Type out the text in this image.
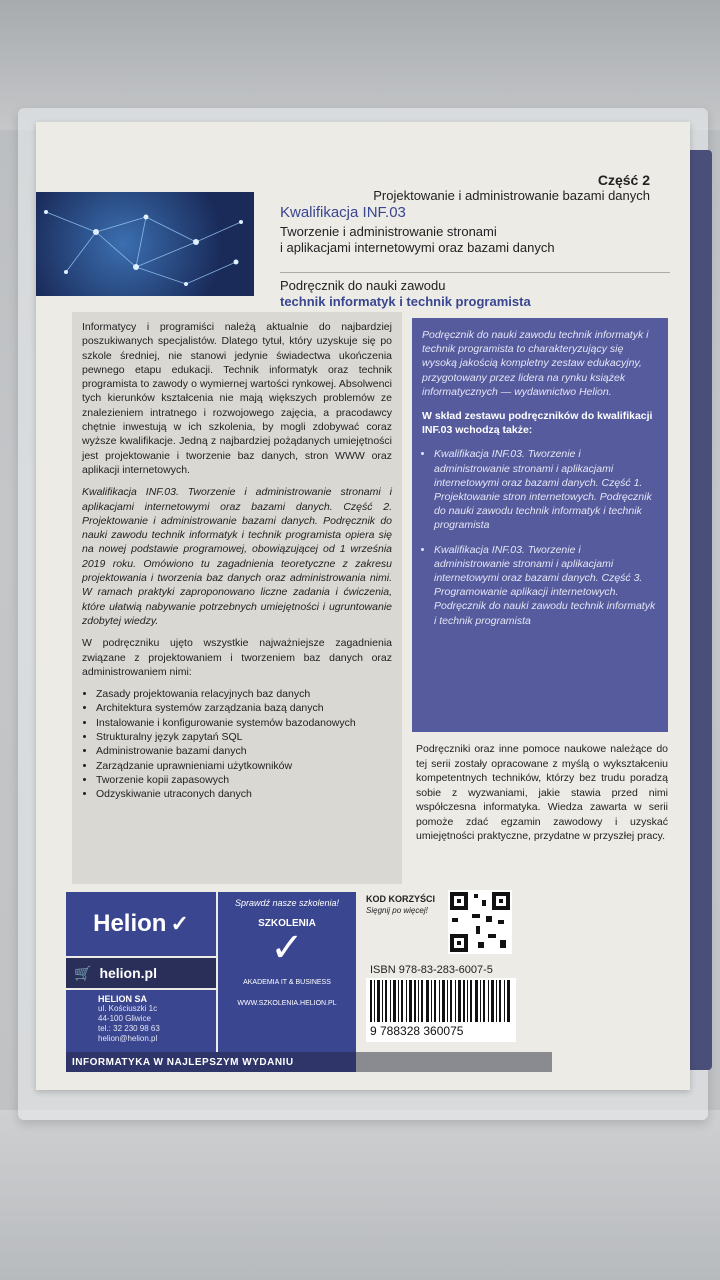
Część 2
Projektowanie i administrowanie bazami danych
Kwalifikacja INF.03
Tworzenie i administrowanie stronami
i aplikacjami internetowymi oraz bazami danych
Podręcznik do nauki zawodu
technik informatyk i technik programista

Informatycy i programiści należą aktualnie do najbardziej poszukiwanych specjalistów. Dlatego tytuł, który uzyskuje się po szkole średniej, nie stanowi jedynie świadectwa ukończenia pewnego etapu edukacji. Technik informatyk oraz technik programista to zawody o wymiernej wartości rynkowej. Absolwenci tych kierunków kształcenia nie mają większych problemów ze znalezieniem intratnego i rozwojowego zajęcia, a pracodawcy chętnie inwestują w ich szkolenia, by mogli zdobywać coraz wyższe kwalifikacje. Jedną z najbardziej pożądanych umiejętności jest projektowanie i tworzenie baz danych, stron WWW oraz aplikacji internetowych.

Kwalifikacja INF.03. Tworzenie i administrowanie stronami i aplikacjami internetowymi oraz bazami danych. Część 2. Projektowanie i administrowanie bazami danych. Podręcznik do nauki zawodu technik informatyk i technik programista opiera się na nowej podstawie programowej, obowiązującej od 1 września 2019 roku. Omówiono tu zagadnienia teoretyczne z zakresu projektowania i tworzenia baz danych oraz administrowania nimi. W ramach praktyki zaproponowano liczne zadania i ćwiczenia, które ułatwią nabywanie potrzebnych umiejętności i ugruntowanie zdobytej wiedzy.

W podręczniku ujęto wszystkie najważniejsze zagadnienia związane z projektowaniem i tworzeniem baz danych oraz administrowaniem nimi:

• Zasady projektowania relacyjnych baz danych
• Architektura systemów zarządzania bazą danych
• Instalowanie i konfigurowanie systemów bazodanowych
• Strukturalny język zapytań SQL
• Administrowanie bazami danych
• Zarządzanie uprawnieniami użytkowników
• Tworzenie kopii zapasowych
• Odzyskiwanie utraconych danych

Podręcznik do nauki zawodu technik informatyk i technik programista to charakteryzujący się wysoką jakością kompletny zestaw edukacyjny, przygotowany przez lidera na rynku książek informatycznych — wydawnictwo Helion.

W skład zestawu podręczników do kwalifikacji INF.03 wchodzą także:

• Kwalifikacja INF.03. Tworzenie i administrowanie stronami i aplikacjami internetowymi oraz bazami danych. Część 1. Projektowanie stron internetowych. Podręcznik do nauki zawodu technik informatyk i technik programista
• Kwalifikacja INF.03. Tworzenie i administrowanie stronami i aplikacjami internetowymi oraz bazami danych. Część 3. Programowanie aplikacji internetowych. Podręcznik do nauki zawodu technik informatyk i technik programista
Podręczniki oraz inne pomoce naukowe należące do tej serii zostały opracowane z myślą o wykształceniu kompetentnych techników, którzy bez trudu poradzą sobie z wyzwaniami, jakie stawia przed nimi współczesna informatyka. Wiedza zawarta w serii pomoże zdać egzamin zawodowy i uzyskać umiejętności praktyczne, przydatne w przyszłej pracy.
Helion ✓
🛒 helion.pl
HELION SA
ul. Kościuszki 1c
44-100 Gliwice
tel.: 32 230 98 63
helion@helion.pl
Sprawdź nasze szkolenia!
SZKOLENIA
✓
AKADEMIA IT & BUSINESS
WWW.SZKOLENIA.HELION.PL
INFORMATYKA W NAJLEPSZYM WYDANIU
KOD KORZYŚCI
Sięgnij po więcej!
ISBN 978-83-283-6007-5
9 788328 360075
